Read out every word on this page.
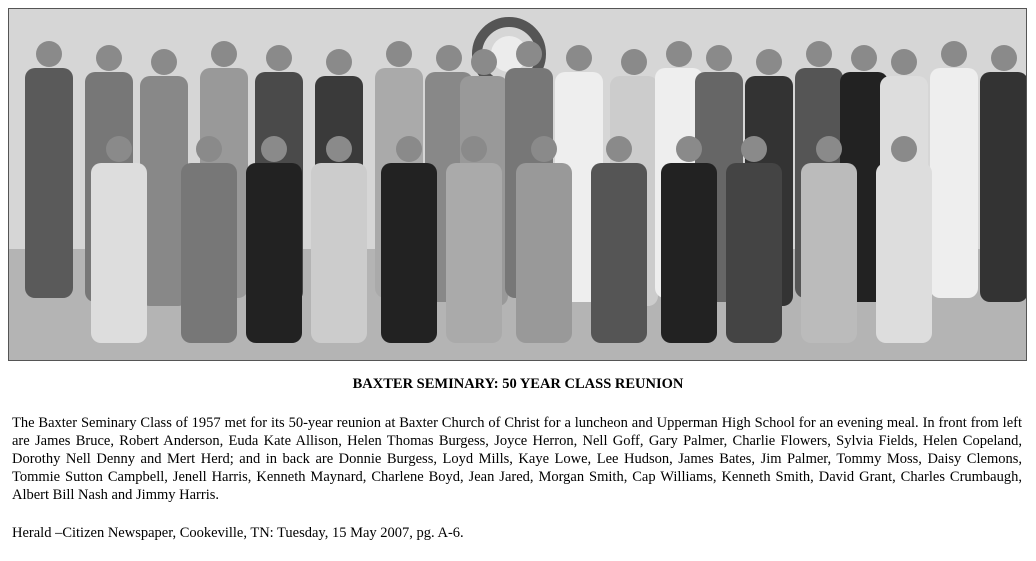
BAXTER SEMINARY: 50 YEAR CLASS REUNION
The Baxter Seminary Class of 1957 met for its 50-year reunion at Baxter Church of Christ for a luncheon and Upperman High School for an evening meal. In front from left are James Bruce, Robert Anderson, Euda Kate Allison, Helen Thomas Burgess, Joyce Herron, Nell Goff, Gary Palmer, Charlie Flowers, Sylvia Fields, Helen Copeland, Dorothy Nell Denny and Mert Herd; and in back are Donnie Burgess, Loyd Mills, Kaye Lowe, Lee Hudson, James Bates, Jim Palmer, Tommy Moss, Daisy Clemons, Tommie Sutton Campbell, Jenell Harris, Kenneth Maynard, Charlene Boyd, Jean Jared, Morgan Smith, Cap Williams, Kenneth Smith, David Grant, Charles Crumbaugh, Albert Bill Nash and Jimmy Harris.
Herald –Citizen Newspaper, Cookeville, TN: Tuesday, 15 May 2007, pg. A-6.
